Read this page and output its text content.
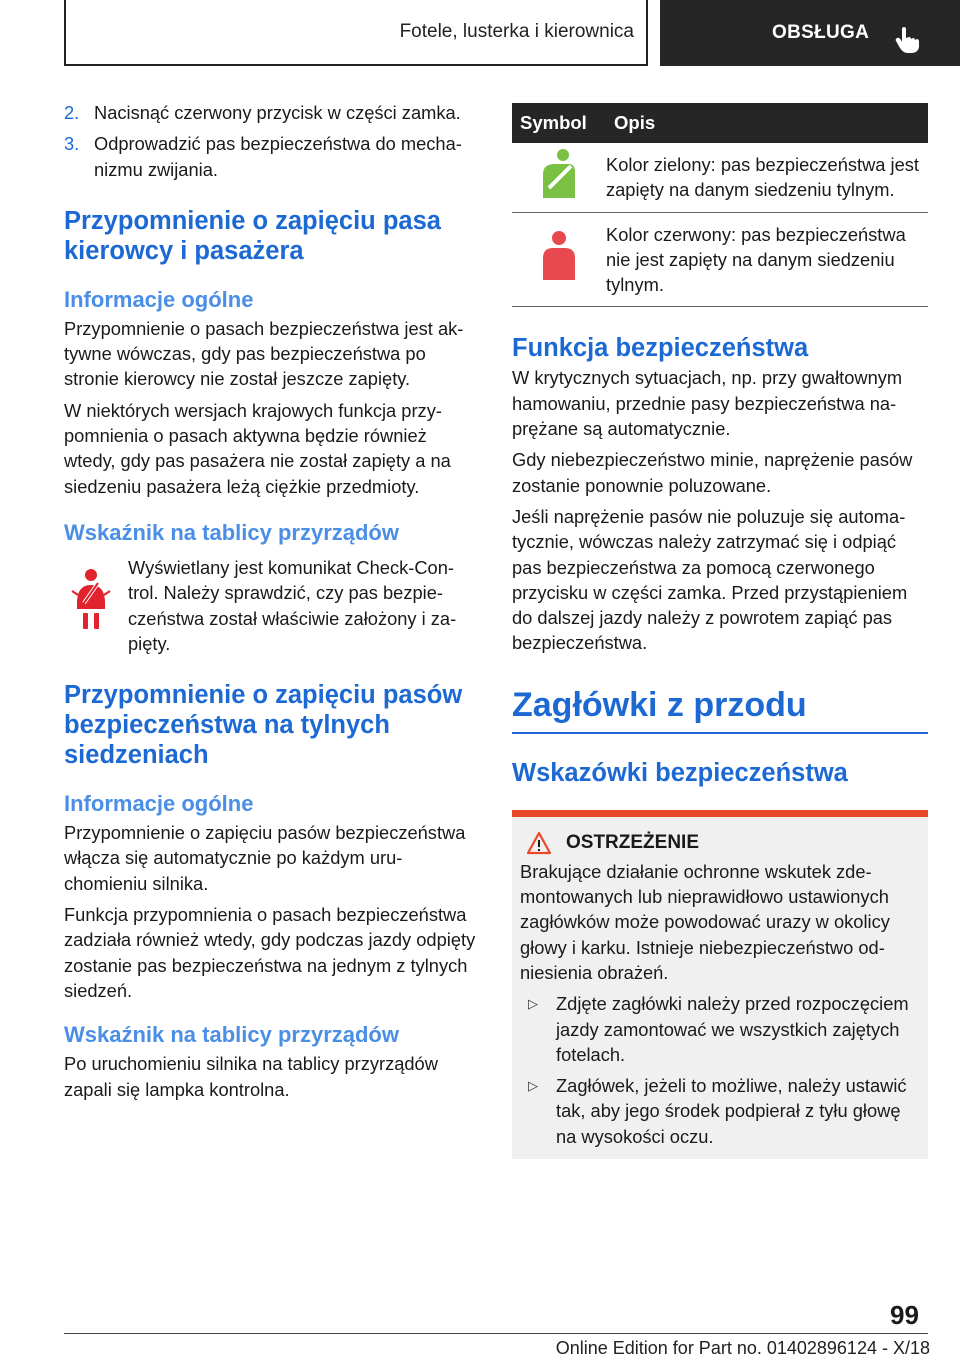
Fotele, lusterka i kierownica	OBSŁUGA
2. Nacisnąć czerwony przycisk w części zamka.
3. Odprowadzić pas bezpieczeństwa do mechanizmu zwijania.
Przypomnienie o zapięciu pasa kierowcy i pasażera
Informacje ogólne

Przypomnienie o pasach bezpieczeństwa jest aktywne wówczas, gdy pas bezpieczeństwa po stronie kierowcy nie został jeszcze zapięty.

W niektórych wersjach krajowych funkcja przypomnienia o pasach aktywna będzie również wtedy, gdy pas pasażera nie został zapięty a na siedzeniu pasażera leżą ciężkie przedmioty.

Wskaźnik na tablicy przyrządów
Wyświetlany jest komunikat Check-Control. Należy sprawdzić, czy pas bezpieczeństwa został właściwie założony i zapięty.
Przypomnienie o zapięciu pasów bezpieczeństwa na tylnych siedzeniach
Informacje ogólne

Przypomnienie o zapięciu pasów bezpieczeństwa włącza się automatycznie po każdym uruchomieniu silnika.

Funkcja przypomnienia o pasach bezpieczeństwa zadziała również wtedy, gdy podczas jazdy odpięty zostanie pas bezpieczeństwa na jednym z tylnych siedzeń.

Wskaźnik na tablicy przyrządów

Po uruchomieniu silnika na tablicy przyrządów zapali się lampka kontrolna.

Symbol	Opis
	Kolor zielony: pas bezpieczeństwa jest zapięty na danym siedzeniu tylnym.
	Kolor czerwony: pas bezpieczeństwa nie jest zapięty na danym siedzeniu tylnym.
Funkcja bezpieczeństwa

W krytycznych sytuacjach, np. przy gwałtownym hamowaniu, przednie pasy bezpieczeństwa naprężane są automatycznie.

Gdy niebezpieczeństwo minie, naprężenie pasów zostanie ponownie poluzowane.

Jeśli naprężenie pasów nie poluzuje się automatycznie, wówczas należy zatrzymać się i odpiąć pas bezpieczeństwa za pomocą czerwonego przycisku w części zamka. Przed przystąpieniem do dalszej jazdy należy z powrotem zapiąć pas bezpieczeństwa.

Zagłówki z przodu
Wskazówki bezpieczeństwa
OSTRZEŻENIE

Brakujące działanie ochronne wskutek zdemontowanych lub nieprawidłowo ustawionych zagłówków może powodować urazy w okolicy głowy i karku. Istnieje niebezpieczeństwo odniesienia obrażeń.

▷ Zdjęte zagłówki należy przed rozpoczęciem jazdy zamontować we wszystkich zajętych fotelach.
▷ Zagłówek, jeżeli to możliwe, należy ustawić tak, aby jego środek podpierał z tyłu głowę na wysokości oczu.
99
Online Edition for Part no. 01402896124 - X/18
